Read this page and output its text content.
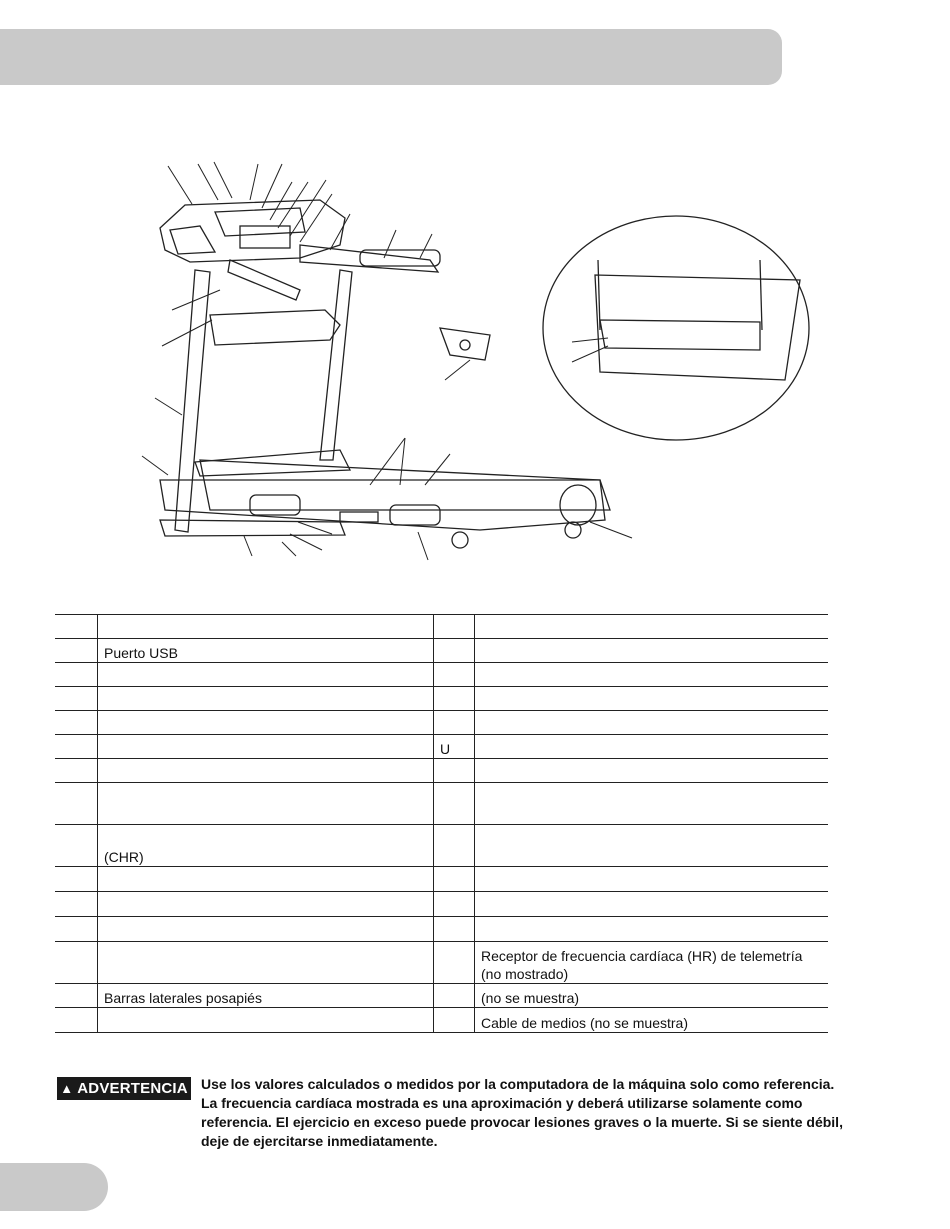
	Puerto USB		

		U	

	(CHR)		

			Receptor de frecuencia cardíaca (HR) de telemetría (no mostrado)
	Barras laterales posapiés		(no se muestra)
			Cable de medios (no se muestra)
▲ ADVERTENCIA Use los valores calculados o medidos por la computadora de la máquina solo como referencia. La frecuencia cardíaca mostrada es una aproximación y deberá utilizarse solamente como referencia. El ejercicio en exceso puede provocar lesiones graves o la muerte. Si se siente débil, deje de ejercitarse inmediatamente.
